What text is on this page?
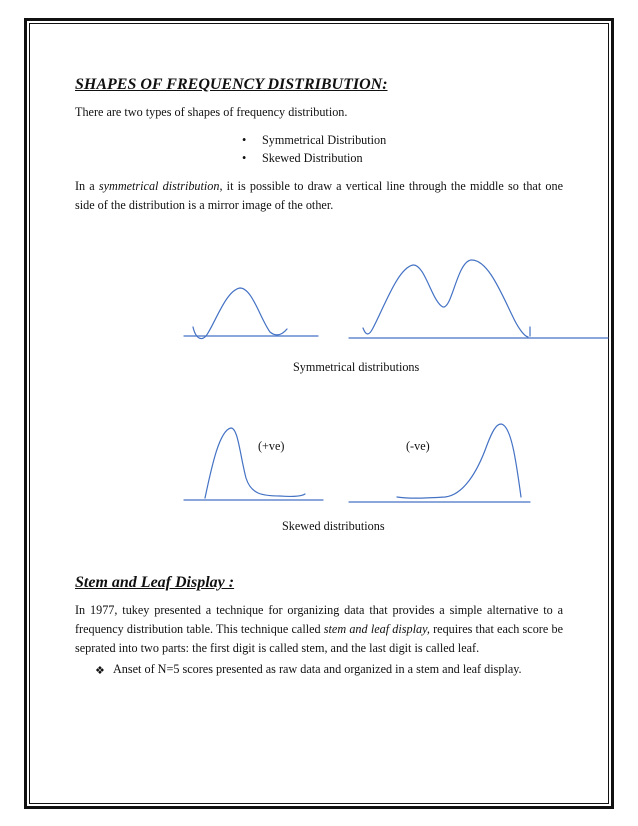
SHAPES OF FREQUENCY DISTRIBUTION:
There are two types of shapes of frequency distribution.
• Symmetrical Distribution
• Skewed Distribution
In a symmetrical distribution, it is possible to draw a vertical line through the middle so that one side of the distribution is a mirror image of the other.
Symmetrical distributions
(+ve)	(-ve)
Skewed distributions
Stem and Leaf Display :
In 1977, tukey presented a technique for organizing data that provides a simple alternative to a frequency distribution table. This technique called stem and leaf display, requires that each score be seprated into two parts: the first digit is called stem, and the last digit is called leaf.
❖ Anset of N=5 scores presented as raw data and organized in a stem and leaf display.
